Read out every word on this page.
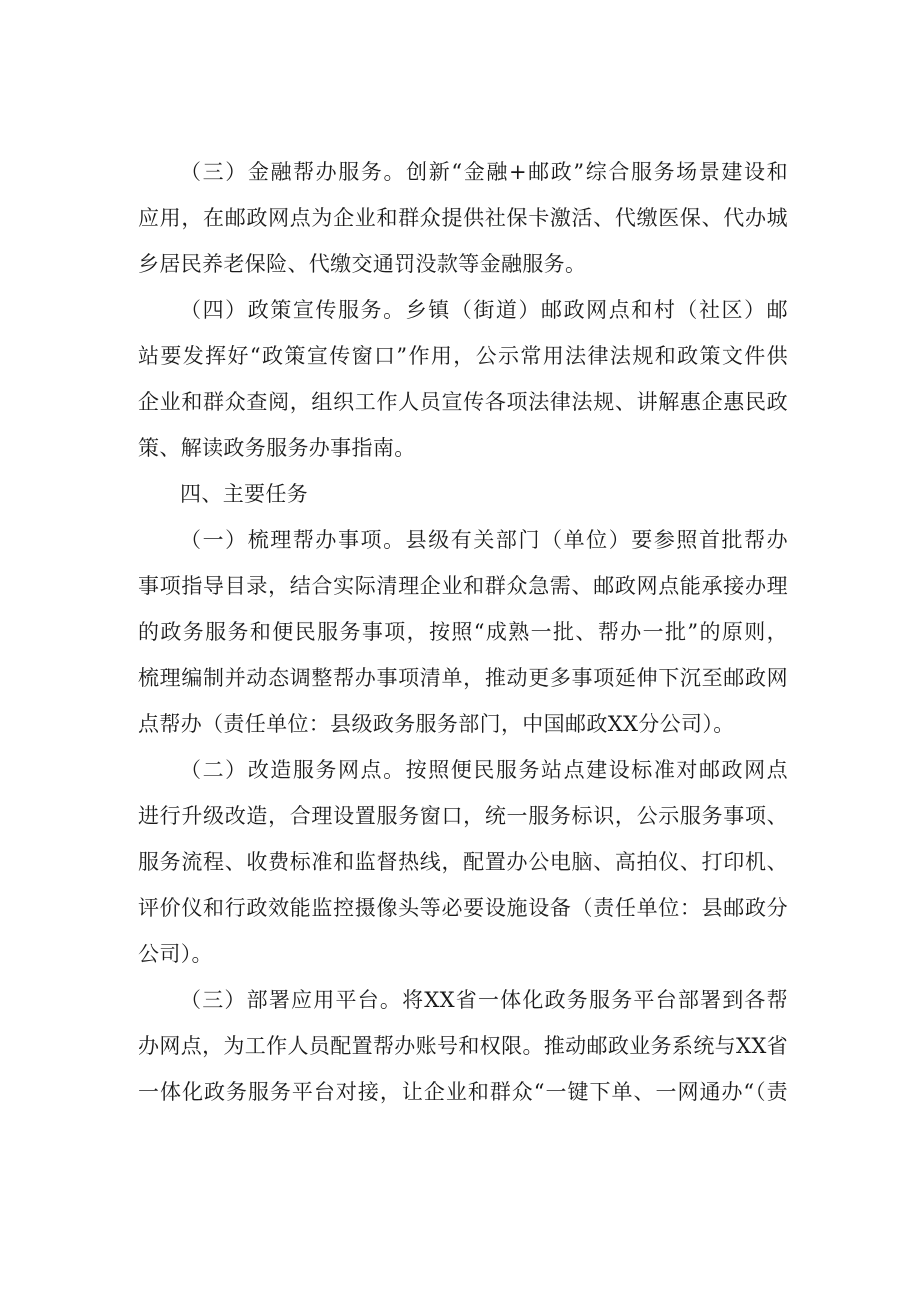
（三）金融帮办服务。创新“金融+邮政”综合服务场景建设和
应用，在邮政网点为企业和群众提供社保卡激活、代缴医保、代办城
乡居民养老保险、代缴交通罚没款等金融服务。
（四）政策宣传服务。乡镇（街道）邮政网点和村（社区）邮
站要发挥好“政策宣传窗口”作用，公示常用法律法规和政策文件供
企业和群众查阅，组织工作人员宣传各项法律法规、讲解惠企惠民政
策、解读政务服务办事指南。
四、主要任务
（一）梳理帮办事项。县级有关部门（单位）要参照首批帮办
事项指导目录，结合实际清理企业和群众急需、邮政网点能承接办理
的政务服务和便民服务事项，按照“成熟一批、帮办一批”的原则，
梳理编制并动态调整帮办事项清单，推动更多事项延伸下沉至邮政网
点帮办（责任单位：县级政务服务部门，中国邮政XX分公司）。
（二）改造服务网点。按照便民服务站点建设标准对邮政网点
进行升级改造，合理设置服务窗口，统一服务标识，公示服务事项、
服务流程、收费标准和监督热线，配置办公电脑、高拍仪、打印机、
评价仪和行政效能监控摄像头等必要设施设备（责任单位：县邮政分
公司）。
（三）部署应用平台。将XX省一体化政务服务平台部署到各帮
办网点，为工作人员配置帮办账号和权限。推动邮政业务系统与XX省
一体化政务服务平台对接，让企业和群众“一键下单、一网通办“（责
